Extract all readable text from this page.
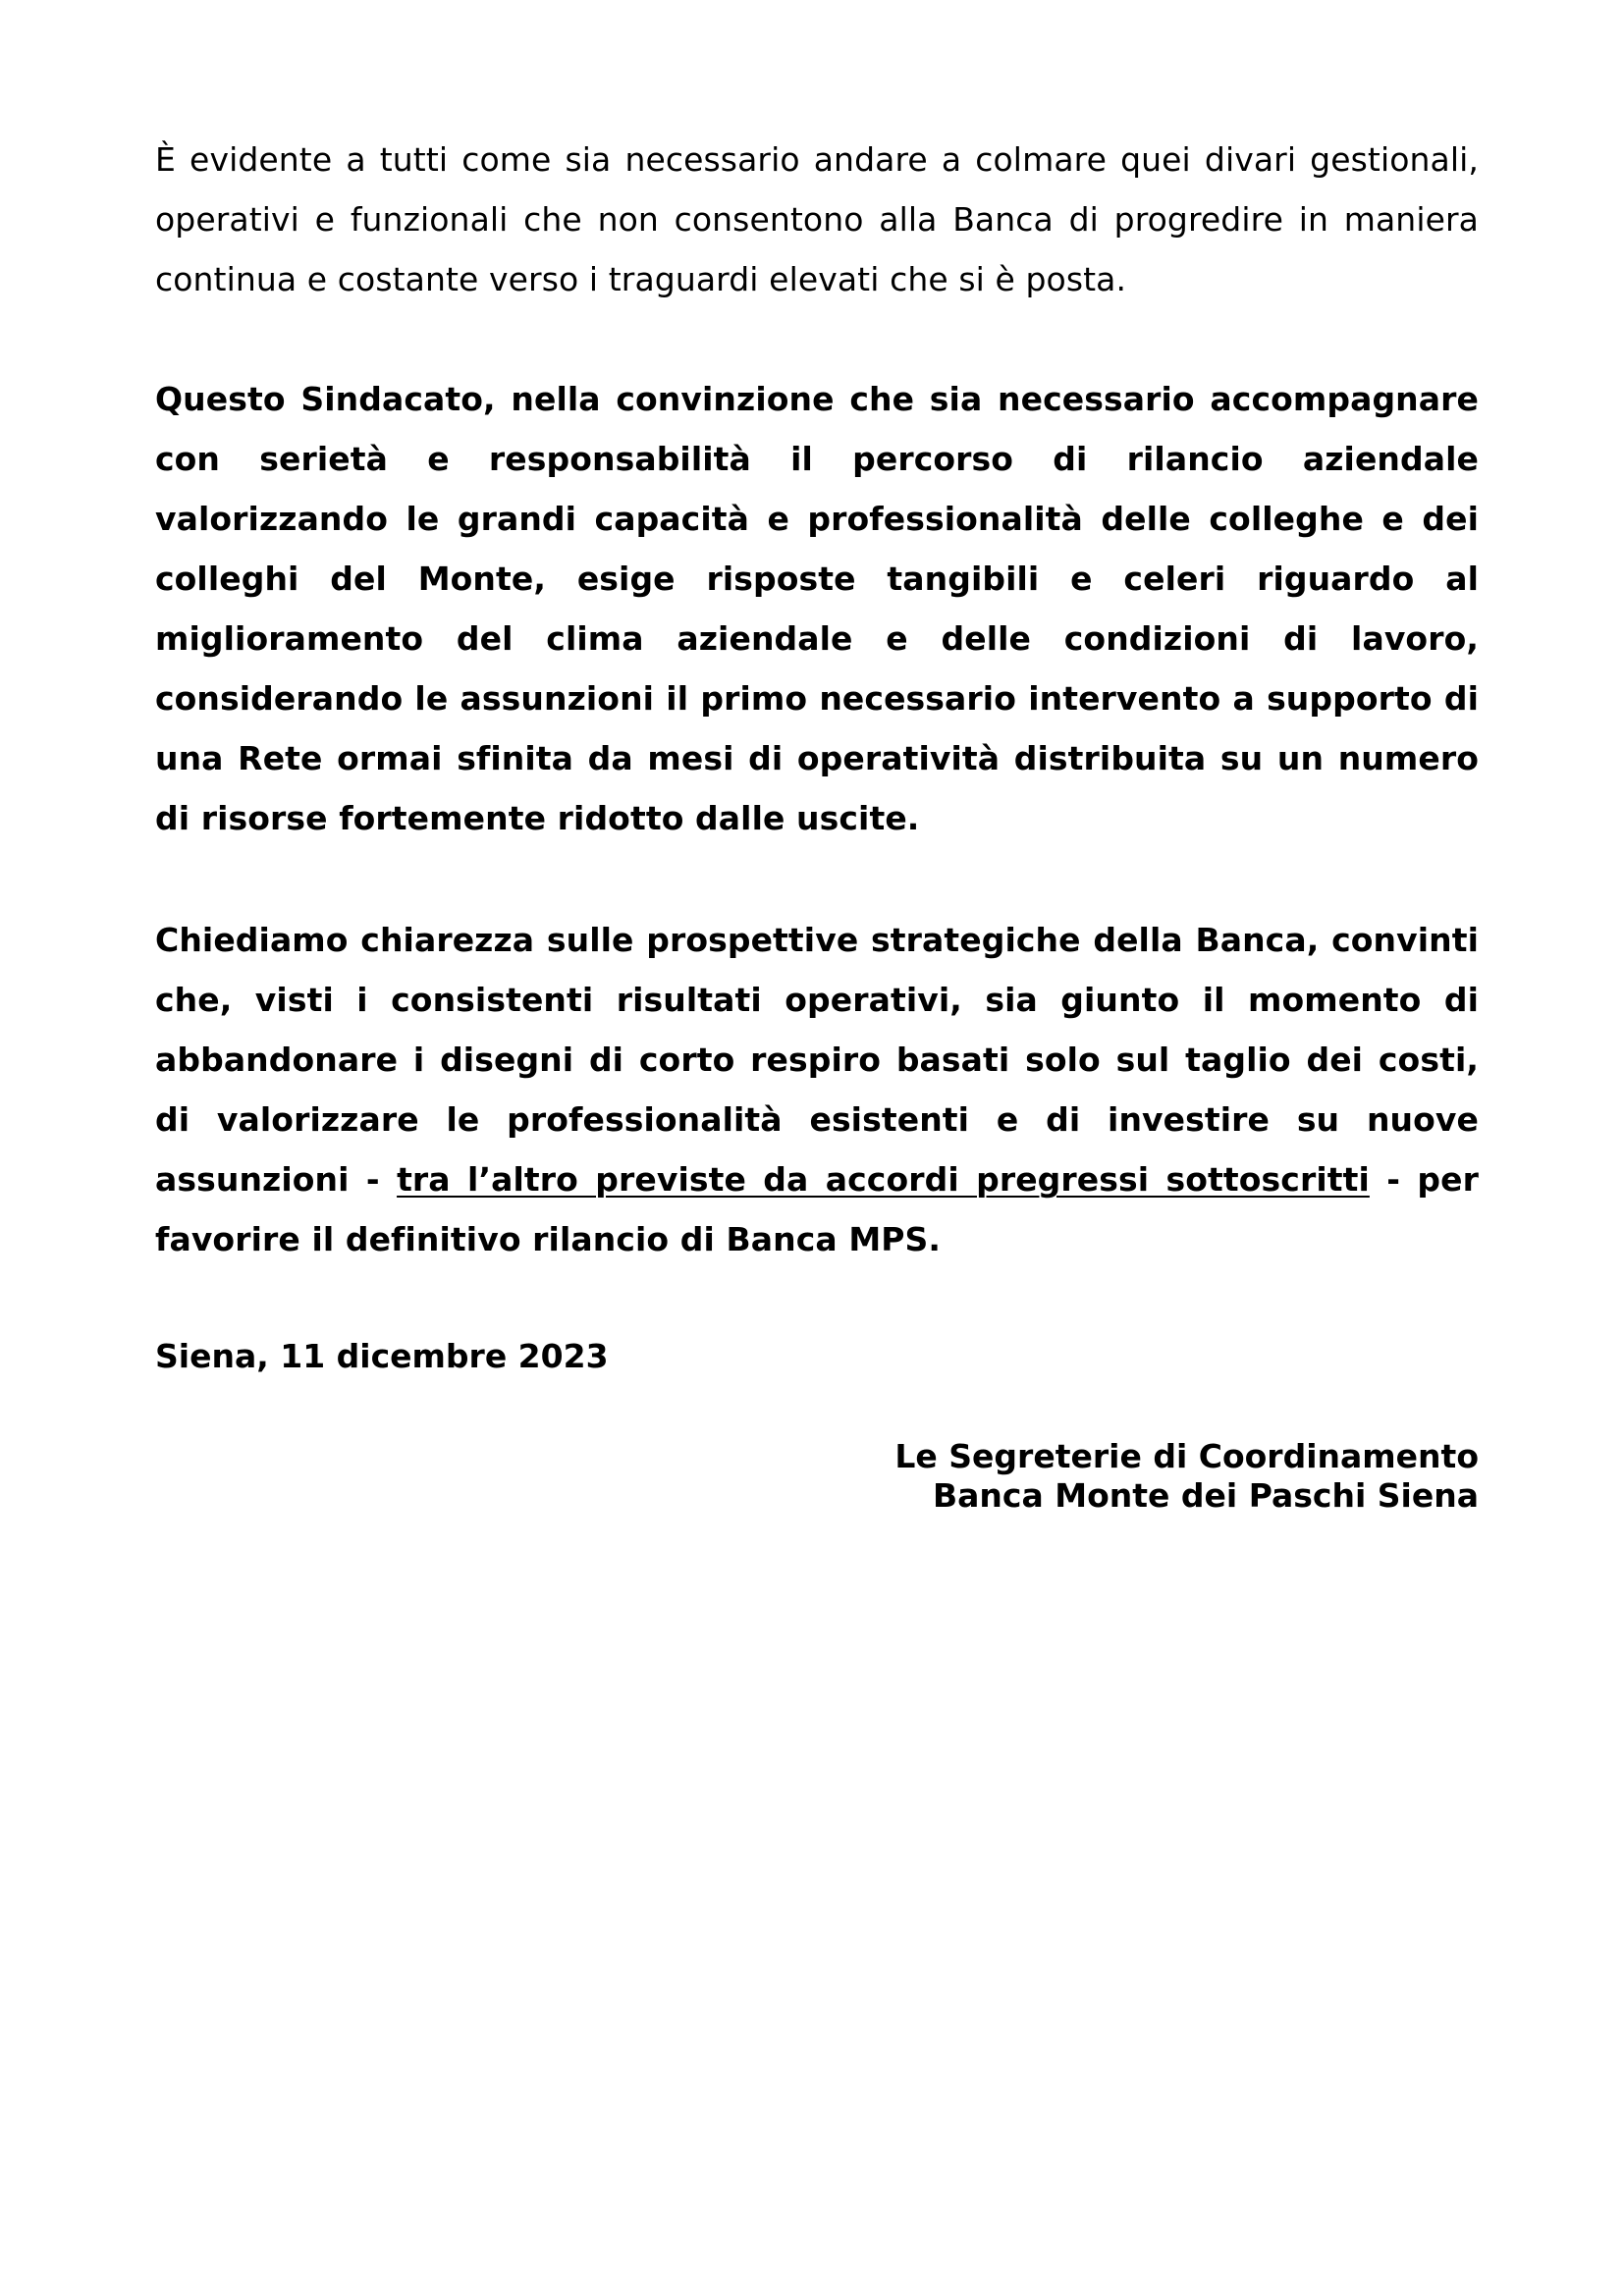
È evidente a tutti come sia necessario andare a colmare quei divari gestionali, operativi e funzionali che non consentono alla Banca di progredire in maniera continua e costante verso i traguardi elevati che si è posta.

Questo Sindacato, nella convinzione che sia necessario accompagnare con serietà e responsabilità il percorso di rilancio aziendale valorizzando le grandi capacità e professionalità delle colleghe e dei colleghi del Monte, esige risposte tangibili e celeri riguardo al miglioramento del clima aziendale e delle condizioni di lavoro, considerando le assunzioni il primo necessario intervento a supporto di una Rete ormai sfinita da mesi di operatività distribuita su un numero di risorse fortemente ridotto dalle uscite.

Chiediamo chiarezza sulle prospettive strategiche della Banca, convinti che, visti i consistenti risultati operativi, sia giunto il momento di abbandonare i disegni di corto respiro basati solo sul taglio dei costi, di valorizzare le professionalità esistenti e di investire su nuove assunzioni - tra l’altro previste da accordi pregressi sottoscritti - per favorire il definitivo rilancio di Banca MPS.

Siena, 11 dicembre 2023

Le Segreterie di Coordinamento
Banca Monte dei Paschi Siena
